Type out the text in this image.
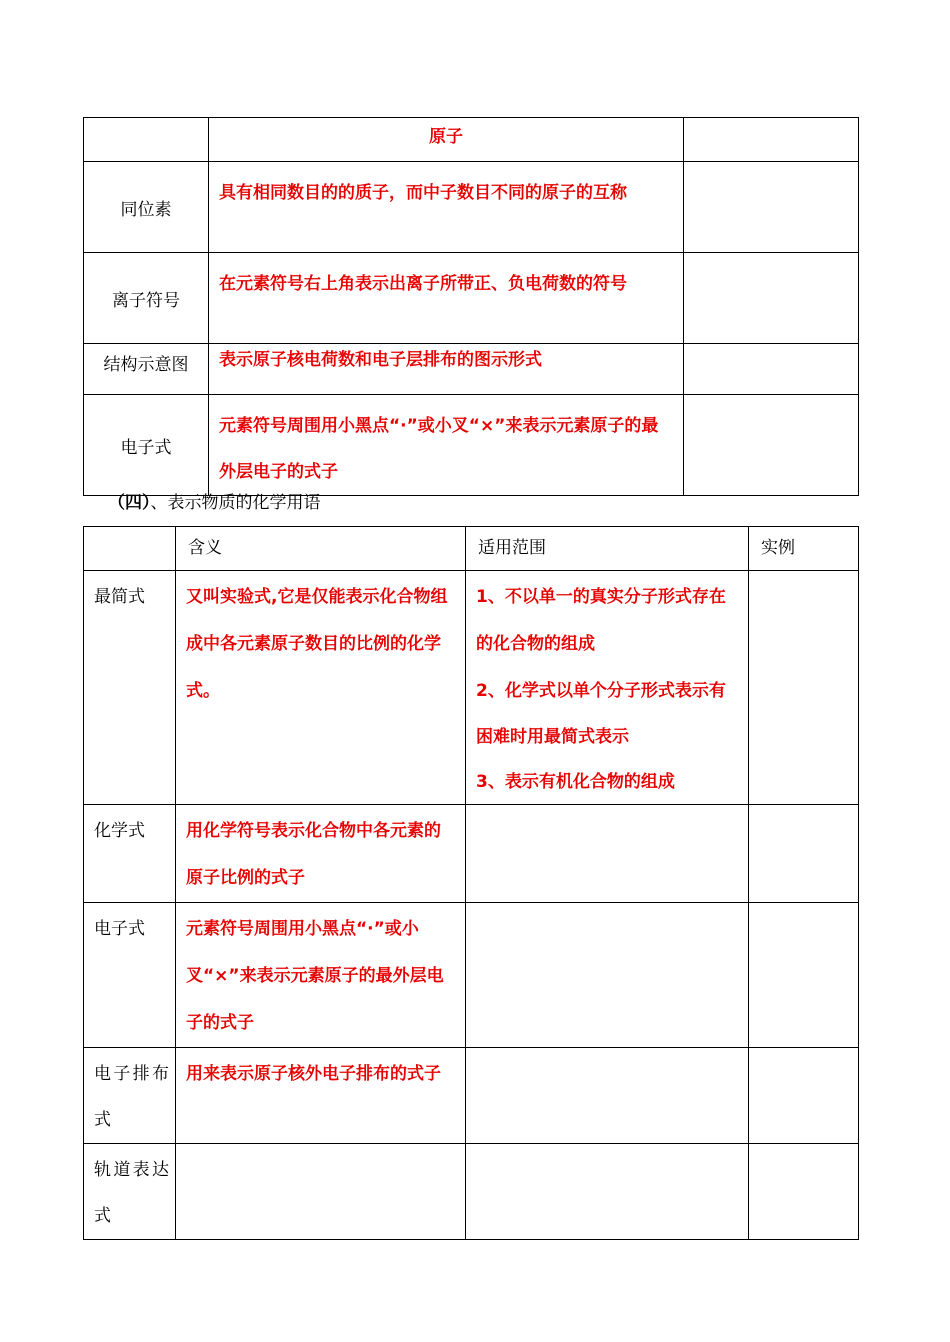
	原子	
同位素	具有相同数目的的质子，而中子数目不同的原子的互称	
离子符号	在元素符号右上角表示出离子所带正、负电荷数的符号	
结构示意图	表示原子核电荷数和电子层排布的图示形式	
电子式	元素符号周围用小黑点“·”或小叉“×”来表示元素原子的最外层电子的式子	
（四）、表示物质的化学用语
	含义	适用范围	实例
最简式	又叫实验式,它是仅能表示化合物组成中各元素原子数目的比例的化学式。	1、不以单一的真实分子形式存在的化合物的组成
2、化学式以单个分子形式表示有困难时用最简式表示
3、表示有机化合物的组成	

化学式	用化学符号表示化合物中各元素的原子比例的式子		
电子式	元素符号周围用小黑点“·”或小叉“×”来表示元素原子的最外层电子的式子		
电子排布式	用来表示原子核外电子排布的式子		
轨道表达式			
